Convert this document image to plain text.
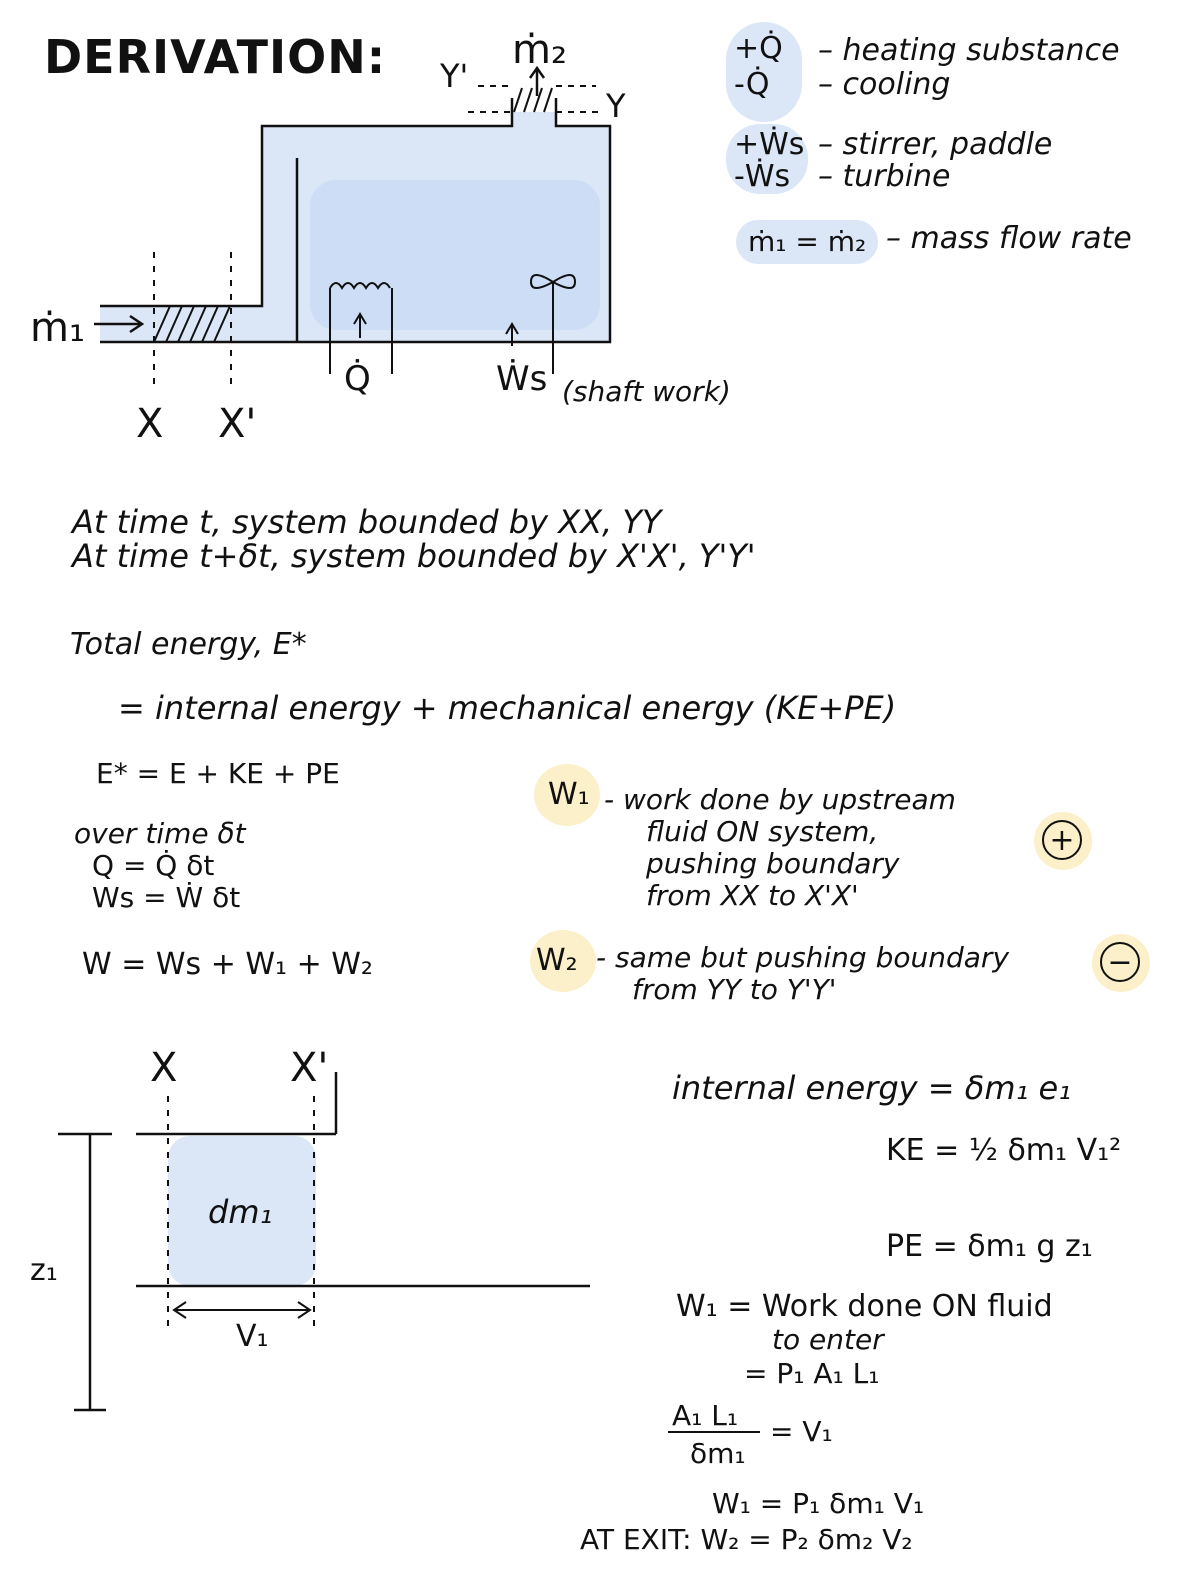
DERIVATION:
ṁ₁
ṁ₂
X X'
Y'
Y
Q̇	Ẇs (shaft work)
+Q̇ – heating substance
-Q̇ – cooling
+Ẇs – stirrer, paddle
-Ẇs – turbine
ṁ₁ = ṁ₂ – mass flow rate
At time t, system bounded by XX, YY
At time t+δt, system bounded by X'X', Y'Y'
Total energy, E*
= internal energy + mechanical energy (KE+PE)
E* = E + KE + PE
over time δt
Q = Q̇ δt
Ws = Ẇ δt
W = Ws + W₁ + W₂
W₁ - work done by upstream
fluid ON system,
pushing boundary
from XX to X'X'
+
W₂ - same but pushing boundary
from YY to Y'Y'
−
X	X'
dm₁
z₁
V₁
internal energy = δm₁ e₁
KE = ½ δm₁ V₁²
PE = δm₁ g z₁
W₁ = Work done ON fluid
to enter
= P₁ A₁ L₁
A₁ L₁
δm₁
= V₁
W₁ = P₁ δm₁ V₁
AT EXIT: W₂ = P₂ δm₂ V₂
